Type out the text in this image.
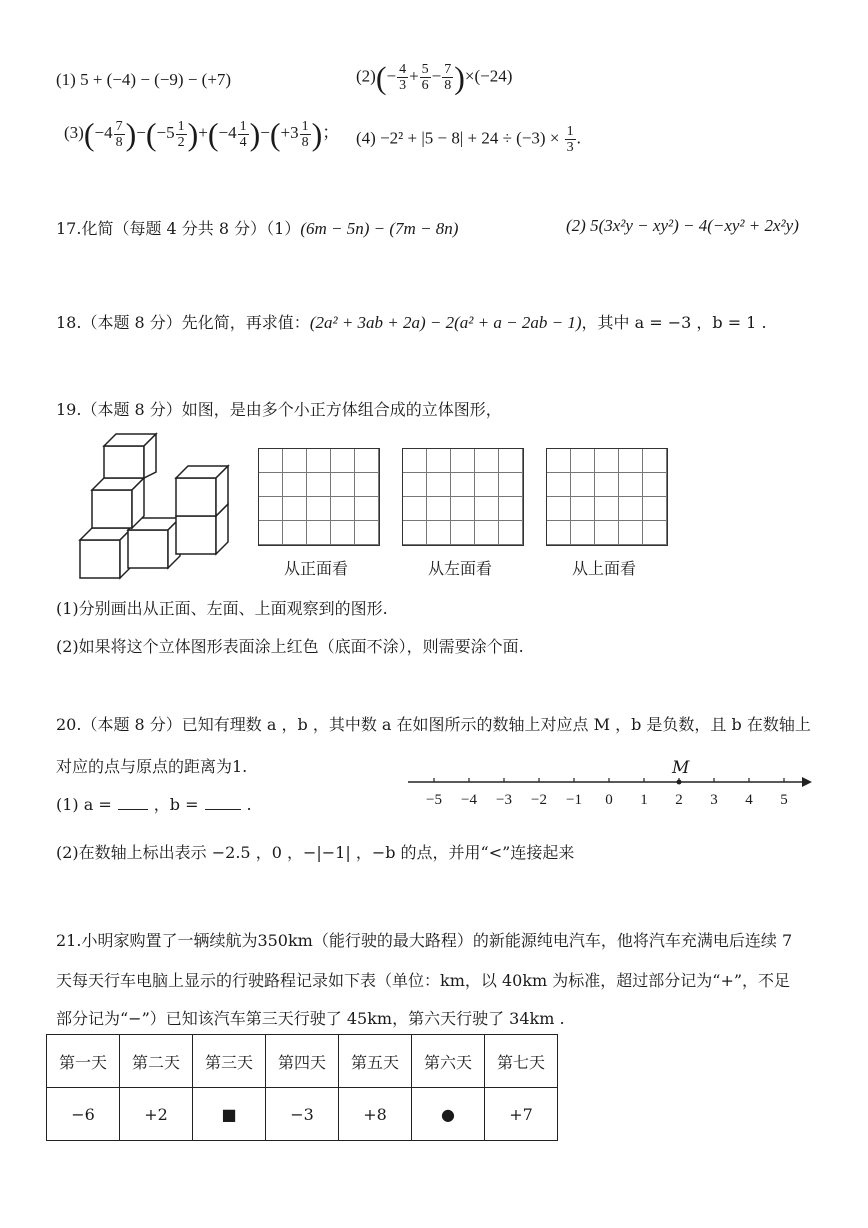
(1) 5 + (−4) − (−9) − (+7)	$(2)(- \frac{4}{3} + \frac{5}{6} - \frac{7}{8} )\times(-24)$
$(3)(-4 \frac{7}{8} )-(-5 \frac{1}{2} )+(-4 \frac{1}{4} )-(+3 \frac{1}{8}$ )； $(4) -2^2 + |5 - 8| + 24 \div (-3) \times \frac{1}{3}$ .
17.化简（每题 4 分共 8 分）（1）(6m − 5n) − (7m − 8n)	(2) 5(3x²y − xy²) − 4(−xy² + 2x²y)
18.（本题 8 分）先化简，再求值：(2a² + 3ab + 2a) − 2(a² + a − 2ab − 1)，其中 a = −3 ，b = 1 .
19.（本题 8 分）如图，是由多个小正方体组合成的立体图形，
从正面看	从左面看	从上面看
(1)分别画出从正面、左面、上面观察到的图形.
(2)如果将这个立体图形表面涂上红色（底面不涂），则需要涂个面.
20.（本题 8 分）已知有理数 a ，b ，其中数 a 在如图所示的数轴上对应点 M ，b 是负数，且 b 在数轴上
对应的点与原点的距离为1.
(1) a =	，b =	.
(2)在数轴上标出表示 −2.5 ，0 ，−|−1| ，−b 的点，并用“<”连接起来
−5 −4 −3 −2 −1 0 1 2 3 4 5
M
21.小明家购置了一辆续航为350km（能行驶的最大路程）的新能源纯电汽车，他将汽车充满电后连续 7
天每天行车电脑上显示的行驶路程记录如下表（单位：km，以 40km 为标准，超过部分记为“+”，不足
部分记为“−”）已知该汽车第三天行驶了 45km，第六天行驶了 34km .
第一天	第二天	第三天	第四天	第五天	第六天	第七天
−6	+2	■	−3	+8	●	+7
